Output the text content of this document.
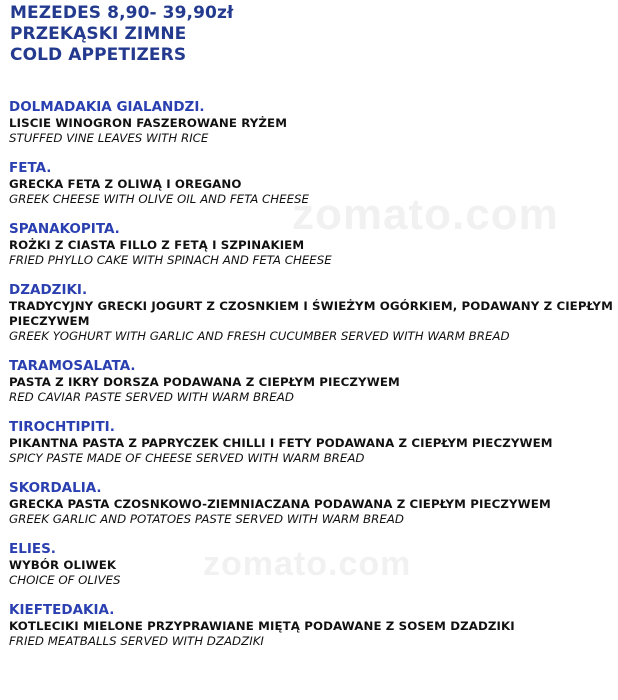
MEZEDES 8,90- 39,90zł
PRZEKĄSKI ZIMNE
COLD APPETIZERS
zomato.com
zomato.com
DOLMADAKIA GIALANDZI.
LISCIE WINOGRON FASZEROWANE RYŻEM
STUFFED VINE LEAVES WITH RICE
FETA.
GRECKA FETA Z OLIWĄ I OREGANO
GREEK CHEESE WITH OLIVE OIL AND FETA CHEESE
SPANAKOPITA.
ROŻKI Z CIASTA FILLO Z FETĄ I SZPINAKIEM
FRIED PHYLLO CAKE WITH SPINACH AND FETA CHEESE
DZADZIKI.
TRADYCYJNY GRECKI JOGURT Z CZOSNKIEM I ŚWIEŻYM OGÓRKIEM, PODAWANY Z CIEPŁYM PIECZYWEM
GREEK YOGHURT WITH GARLIC AND FRESH CUCUMBER SERVED WITH WARM BREAD
TARAMOSALATA.
PASTA Z IKRY DORSZA PODAWANA Z CIEPŁYM PIECZYWEM
RED CAVIAR PASTE SERVED WITH WARM BREAD
TIROCHTIPITI.
PIKANTNA PASTA Z PAPRYCZEK CHILLI I FETY PODAWANA Z CIEPŁYM PIECZYWEM
SPICY PASTE MADE OF CHEESE SERVED WITH WARM BREAD
SKORDALIA.
GRECKA PASTA CZOSNKOWO-ZIEMNIACZANA PODAWANA Z CIEPŁYM PIECZYWEM
GREEK GARLIC AND POTATOES PASTE SERVED WITH WARM BREAD
ELIES.
WYBÓR OLIWEK
CHOICE OF OLIVES
KIEFTEDAKIA.
KOTLECIKI MIELONE PRZYPRAWIANE MIĘTĄ PODAWANE Z SOSEM DZADZIKI
FRIED MEATBALLS SERVED WITH DZADZIKI
